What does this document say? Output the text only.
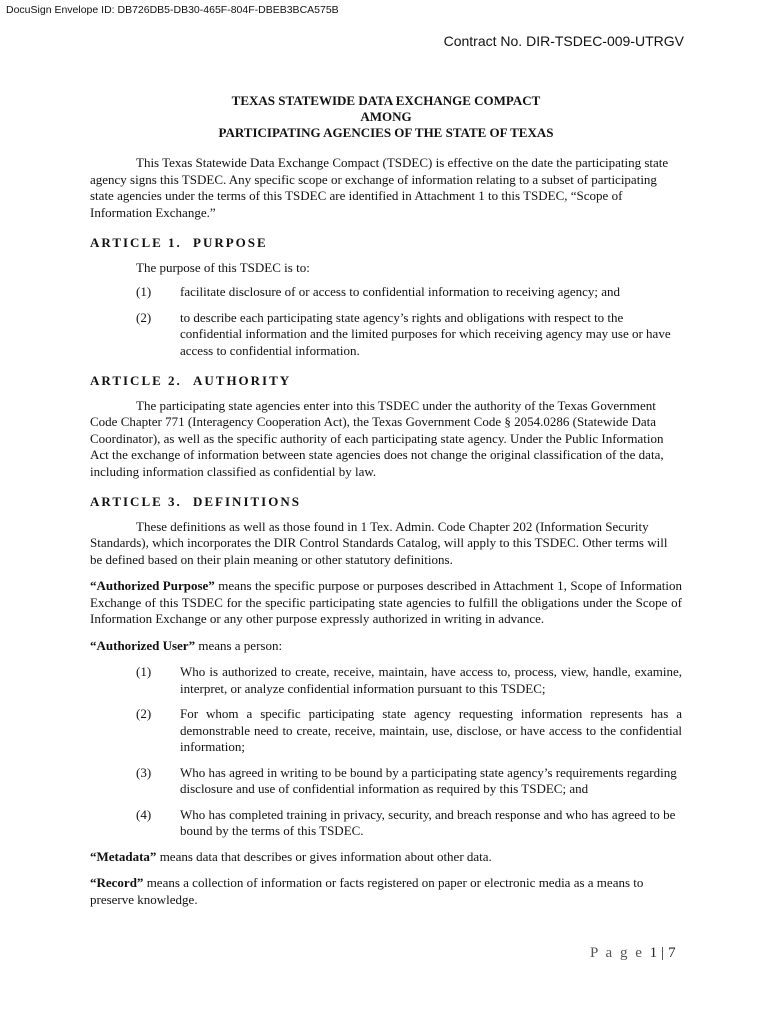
DocuSign Envelope ID: DB726DB5-DB30-465F-804F-DBEB3BCA575B
Contract No. DIR-TSDEC-009-UTRGV
TEXAS STATEWIDE DATA EXCHANGE COMPACT
AMONG
PARTICIPATING AGENCIES OF THE STATE OF TEXAS

This Texas Statewide Data Exchange Compact (TSDEC) is effective on the date the participating state agency signs this TSDEC. Any specific scope or exchange of information relating to a subset of participating state agencies under the terms of this TSDEC are identified in Attachment 1 to this TSDEC, “Scope of Information Exchange.”

ARTICLE 1. PURPOSE

The purpose of this TSDEC is to:

(1)	facilitate disclosure of or access to confidential information to receiving agency; and
(2)	to describe each participating state agency’s rights and obligations with respect to the confidential information and the limited purposes for which receiving agency may use or have access to confidential information.
ARTICLE 2. AUTHORITY

The participating state agencies enter into this TSDEC under the authority of the Texas Government Code Chapter 771 (Interagency Cooperation Act), the Texas Government Code § 2054.0286 (Statewide Data Coordinator), as well as the specific authority of each participating state agency. Under the Public Information Act the exchange of information between state agencies does not change the original classification of the data, including information classified as confidential by law.

ARTICLE 3. DEFINITIONS

These definitions as well as those found in 1 Tex. Admin. Code Chapter 202 (Information Security Standards), which incorporates the DIR Control Standards Catalog, will apply to this TSDEC. Other terms will be defined based on their plain meaning or other statutory definitions.

“Authorized Purpose” means the specific purpose or purposes described in Attachment 1, Scope of Information Exchange of this TSDEC for the specific participating state agencies to fulfill the obligations under the Scope of Information Exchange or any other purpose expressly authorized in writing in advance.

“Authorized User” means a person:

(1)	Who is authorized to create, receive, maintain, have access to, process, view, handle, examine, interpret, or analyze confidential information pursuant to this TSDEC;
(2)	For whom a specific participating state agency requesting information represents has a demonstrable need to create, receive, maintain, use, disclose, or have access to the confidential information;
(3)	Who has agreed in writing to be bound by a participating state agency’s requirements regarding disclosure and use of confidential information as required by this TSDEC; and
(4)	Who has completed training in privacy, security, and breach response and who has agreed to be bound by the terms of this TSDEC.

“Metadata” means data that describes or gives information about other data.

“Record” means a collection of information or facts registered on paper or electronic media as a means to preserve knowledge.

P a g e 1 | 7
